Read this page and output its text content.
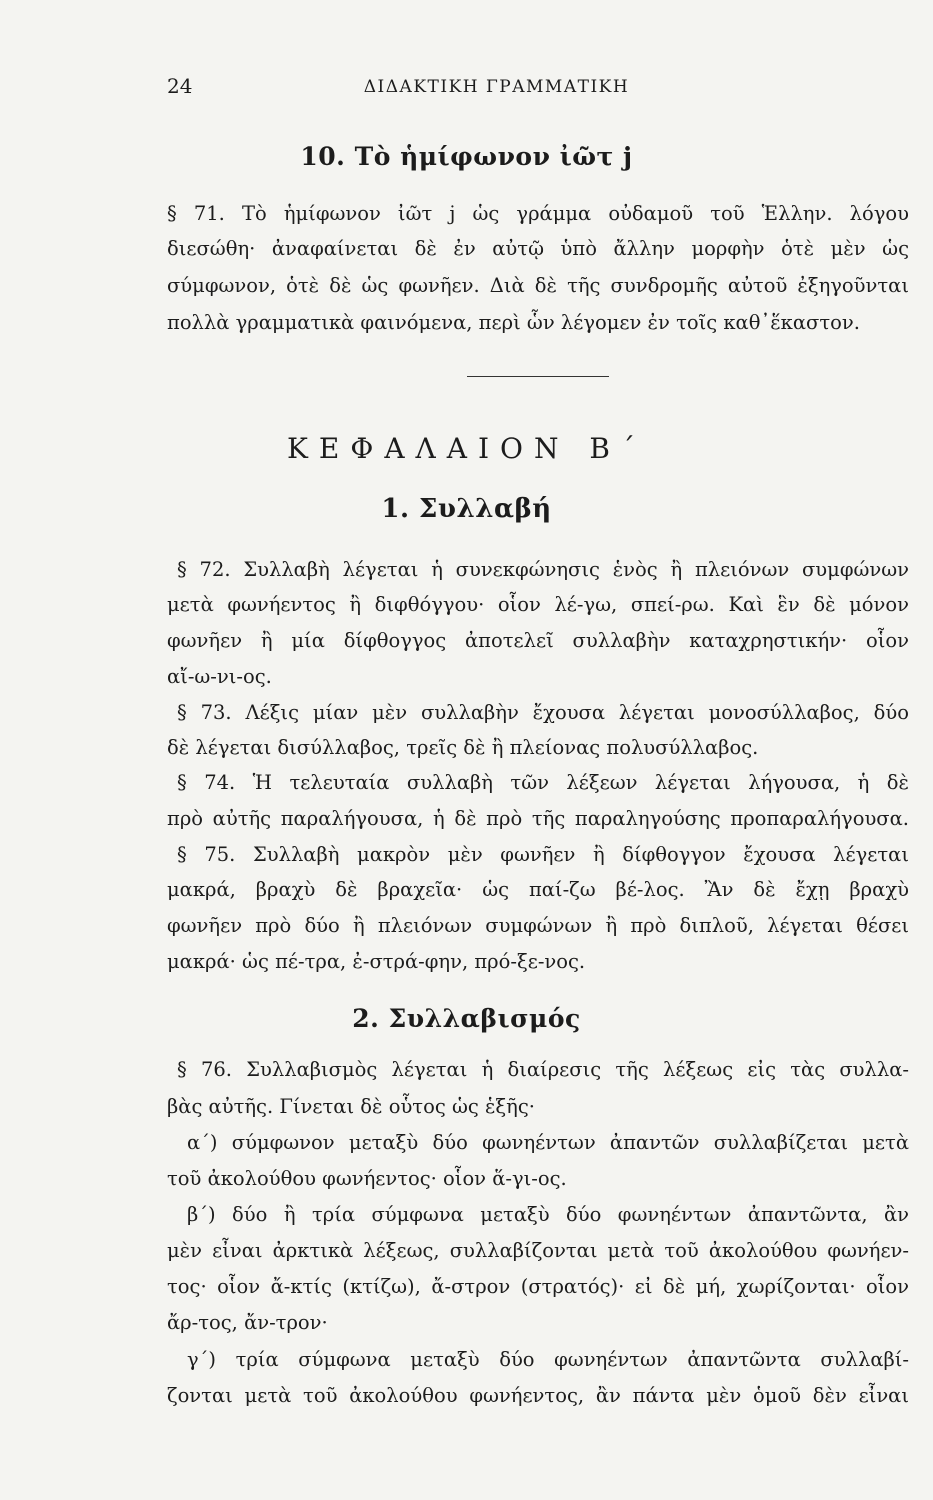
24	ΔΙΔΑΚΤΙΚΗ ΓΡΑΜΜΑΤΙΚΗ
10. Τὸ ἡμίφωνον ἰῶτ j
§ 71. Τὸ ἡμίφωνον ἰῶτ j ὡς γράμμα οὐδαμοῦ τοῦ Ἑλλην. λόγου
διεσώθη· ἀναφαίνεται δὲ ἐν αὐτῷ ὑπὸ ἄλλην μορφὴν ὁτὲ μὲν ὡς
σύμφωνον, ὁτὲ δὲ ὡς φωνῆεν. Διὰ δὲ τῆς συνδρομῆς αὐτοῦ ἐξηγοῦνται
πολλὰ γραμματικὰ φαινόμενα, περὶ ὧν λέγομεν ἐν τοῖς καθ᾽ἕκαστον.
ΚΕΦΑΛΑΙΟΝ Β΄
1. Συλλαβή
§ 72. Συλλαβὴ λέγεται ἡ συνεκφώνησις ἑνὸς ἢ πλειόνων συμφώνων
μετὰ φωνήεντος ἢ διφθόγγου· οἷον λέ-γω, σπεί-ρω. Καὶ ἓν δὲ μόνον
φωνῆεν ἢ μία δίφθογγος ἀποτελεῖ συλλαβὴν καταχρηστικήν· οἷον
αἴ-ω-νι-ος.
§ 73. Λέξις μίαν μὲν συλλαβὴν ἔχουσα λέγεται μονοσύλλαβος, δύο
δὲ λέγεται δισύλλαβος, τρεῖς δὲ ἢ πλείονας πολυσύλλαβος.
§ 74. Ἡ τελευταία συλλαβὴ τῶν λέξεων λέγεται λήγουσα, ἡ δὲ
πρὸ αὐτῆς παραλήγουσα, ἡ δὲ πρὸ τῆς παραληγούσης προπαραλήγουσα.
§ 75. Συλλαβὴ μακρὸν μὲν φωνῆεν ἢ δίφθογγον ἔχουσα λέγεται
μακρά, βραχὺ δὲ βραχεῖα· ὡς παί-ζω βέ-λος. Ἂν δὲ ἔχῃ βραχὺ
φωνῆεν πρὸ δύο ἢ πλειόνων συμφώνων ἢ πρὸ διπλοῦ, λέγεται θέσει
μακρά· ὡς πέ-τρα, ἐ-στρά-φην, πρό-ξε-νος.
2. Συλλαβισμός
§ 76. Συλλαβισμὸς λέγεται ἡ διαίρεσις τῆς λέξεως εἰς τὰς συλλα-
βὰς αὐτῆς. Γίνεται δὲ οὗτος ὡς ἑξῆς·
α΄) σύμφωνον μεταξὺ δύο φωνηέντων ἀπαντῶν συλλαβίζεται μετὰ
τοῦ ἀκολούθου φωνήεντος· οἷον ἅ-γι-ος.
β΄) δύο ἢ τρία σύμφωνα μεταξὺ δύο φωνηέντων ἀπαντῶντα, ἂν
μὲν εἶναι ἀρκτικὰ λέξεως, συλλαβίζονται μετὰ τοῦ ἀκολούθου φωνήεν-
τος· οἷον ἄ-κτίς (κτίζω), ἄ-στρον (στρατός)· εἰ δὲ μή, χωρίζονται· οἷον
ἄρ-τος, ἄν-τρον·
γ΄) τρία σύμφωνα μεταξὺ δύο φωνηέντων ἀπαντῶντα συλλαβί-
ζονται μετὰ τοῦ ἀκολούθου φωνήεντος, ἂν πάντα μὲν ὁμοῦ δὲν εἶναι
